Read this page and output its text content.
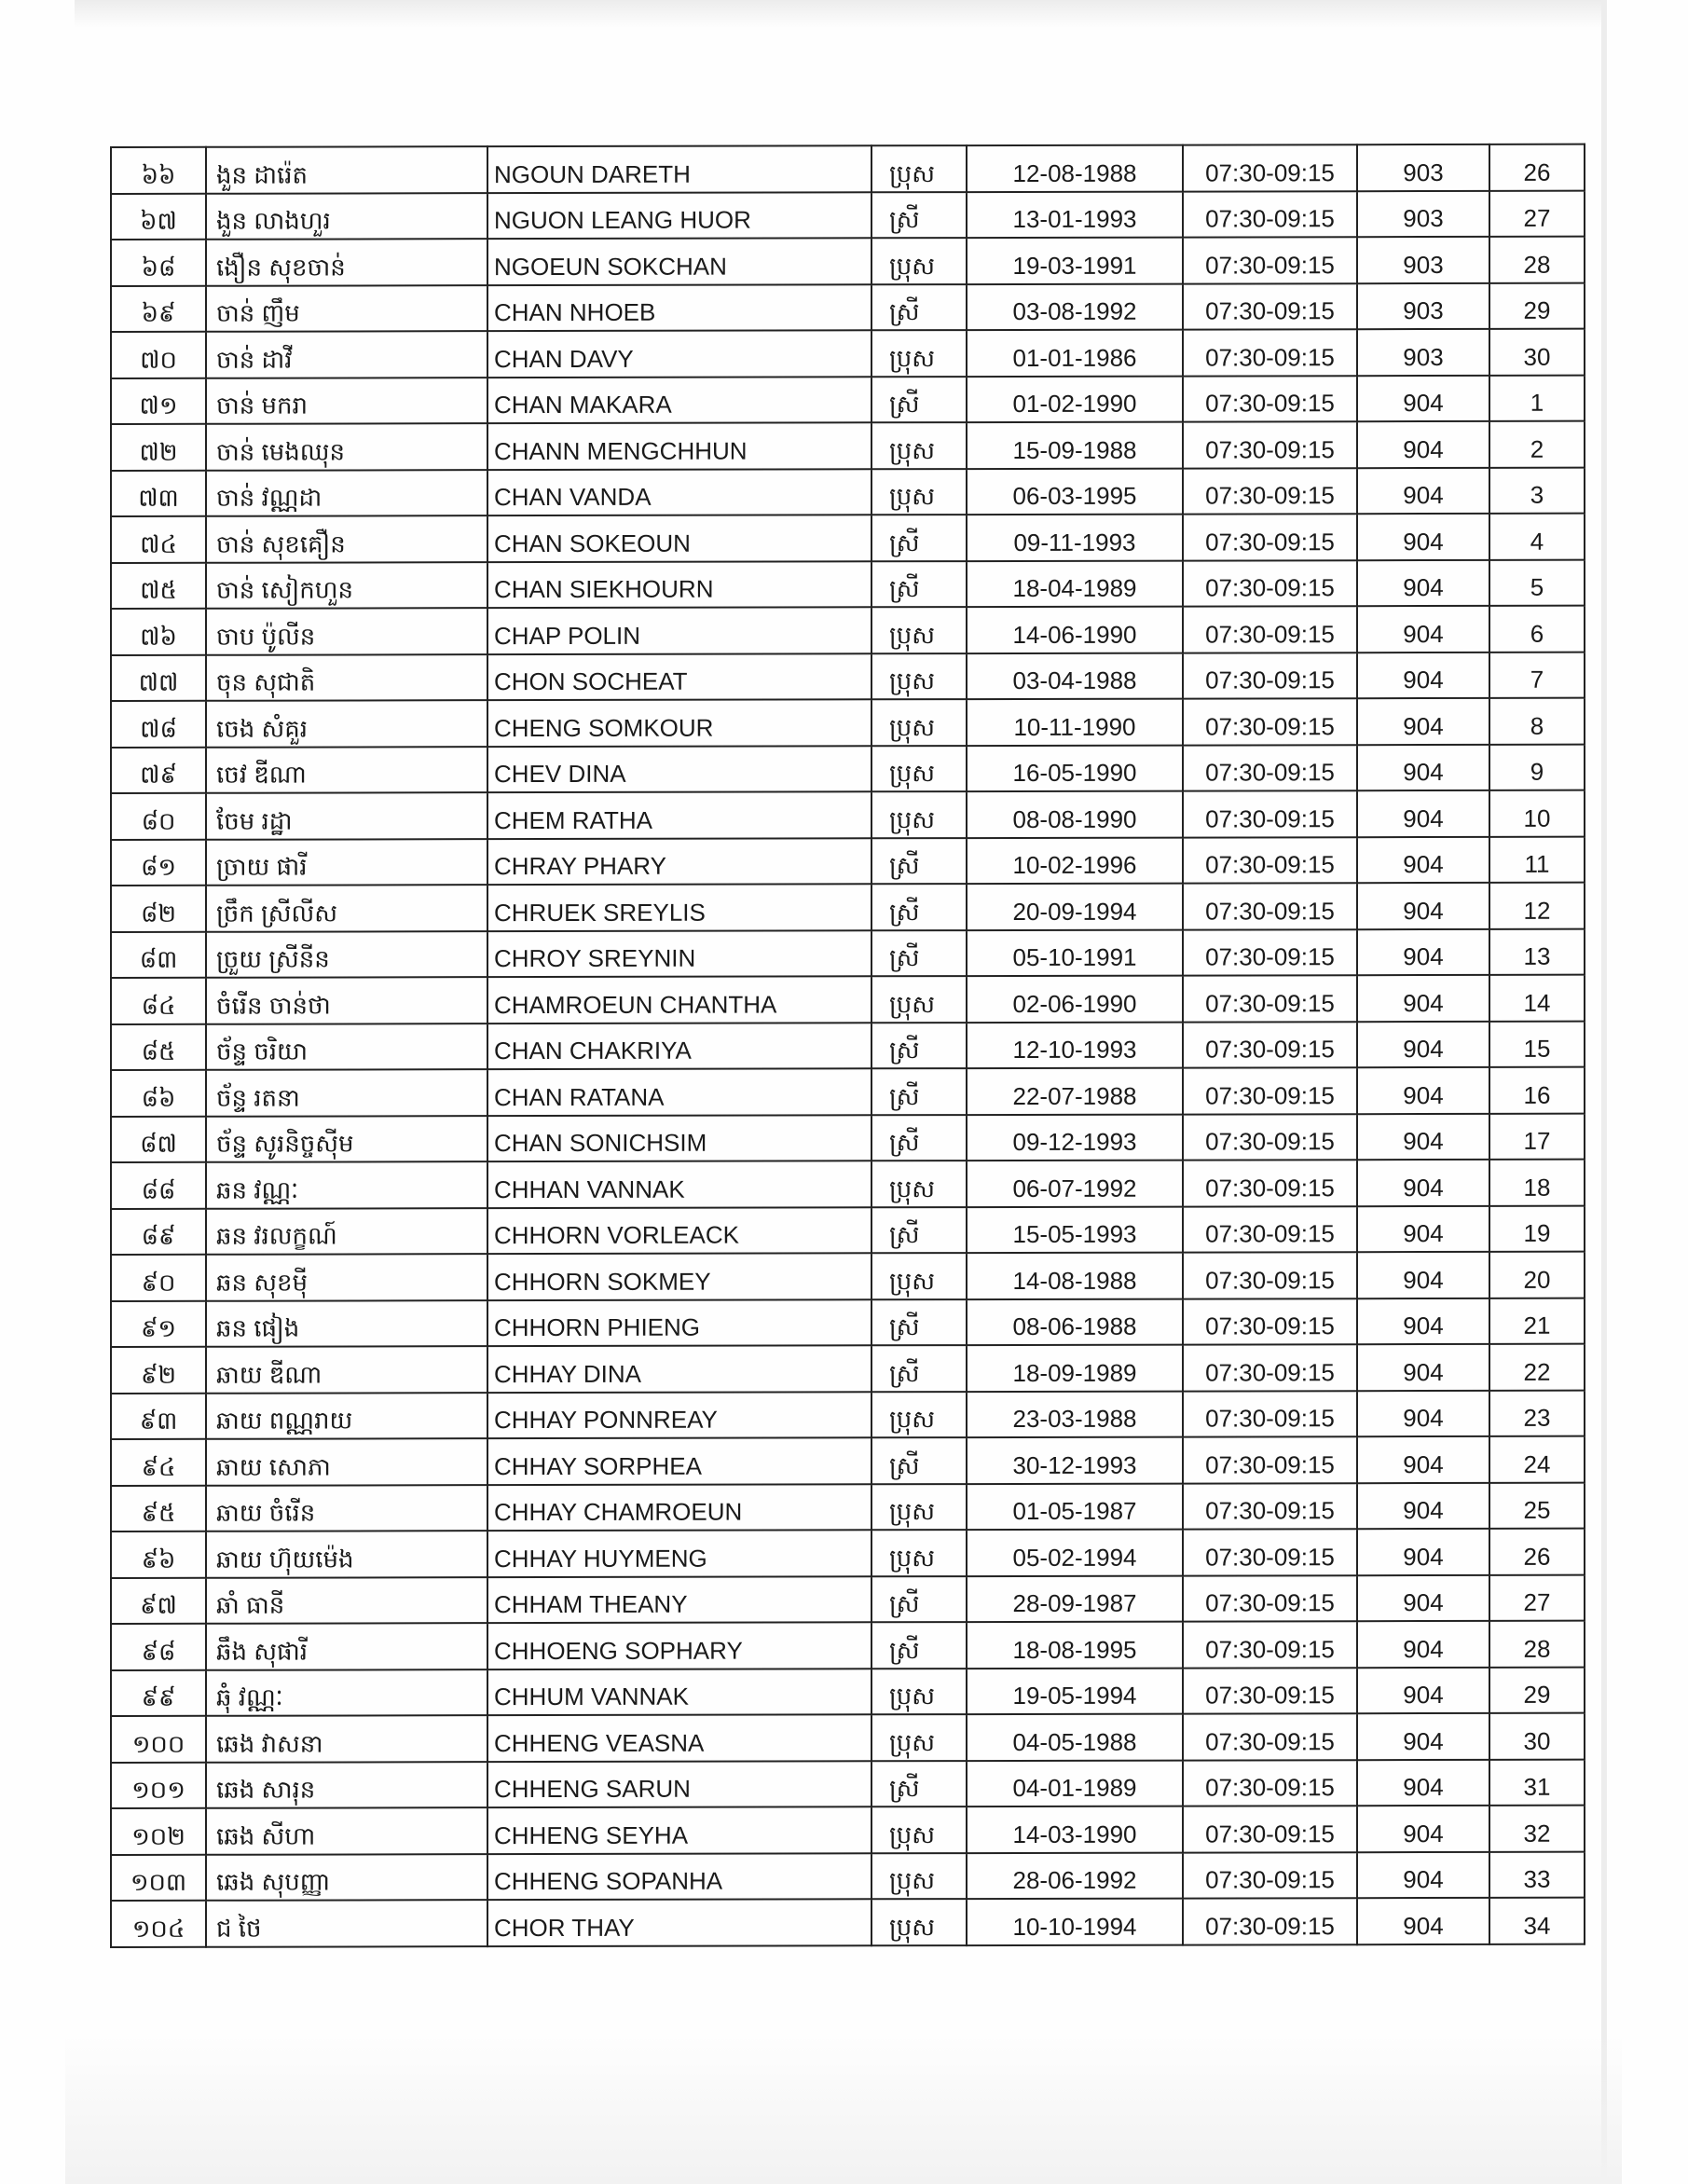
៦៦	ងួន ដារ៉េត	NGOUN DARETH	ប្រុស	12-08-1988	07:30-09:15	903	26

៦៧	ងួន លាងហួរ	NGUON LEANG HUOR	ស្រី	13-01-1993	07:30-09:15	903	27

៦៨	ងឿន សុខចាន់	NGOEUN SOKCHAN	ប្រុស	19-03-1991	07:30-09:15	903	28

៦៩	ចាន់ ញឹម	CHAN NHOEB	ស្រី	03-08-1992	07:30-09:15	903	29

៧០	ចាន់ ដាវី	CHAN DAVY	ប្រុស	01-01-1986	07:30-09:15	903	30

៧១	ចាន់ មករា	CHAN MAKARA	ស្រី	01-02-1990	07:30-09:15	904	1

៧២	ចាន់ មេងឈុន	CHANN MENGCHHUN	ប្រុស	15-09-1988	07:30-09:15	904	2

៧៣	ចាន់ វណ្ណដា	CHAN VANDA	ប្រុស	06-03-1995	07:30-09:15	904	3

៧៤	ចាន់ សុខគឿន	CHAN SOKEOUN	ស្រី	09-11-1993	07:30-09:15	904	4

៧៥	ចាន់ សៀកហួន	CHAN SIEKHOURN	ស្រី	18-04-1989	07:30-09:15	904	5

៧៦	ចាប ប៉ូលីន	CHAP POLIN	ប្រុស	14-06-1990	07:30-09:15	904	6

៧៧	ចុន សុជាតិ	CHON SOCHEAT	ប្រុស	03-04-1988	07:30-09:15	904	7

៧៨	ចេង សំគួរ	CHENG SOMKOUR	ប្រុស	10-11-1990	07:30-09:15	904	8

៧៩	ចេវ ឌីណា	CHEV DINA	ប្រុស	16-05-1990	07:30-09:15	904	9

៨០	ចែម រដ្ឋា	CHEM RATHA	ប្រុស	08-08-1990	07:30-09:15	904	10

៨១	ច្រាយ ផារី	CHRAY PHARY	ស្រី	10-02-1996	07:30-09:15	904	11

៨២	ច្រឹក ស្រីលីស	CHRUEK SREYLIS	ស្រី	20-09-1994	07:30-09:15	904	12

៨៣	ច្រួយ ស្រីនីន	CHROY SREYNIN	ស្រី	05-10-1991	07:30-09:15	904	13

៨៤	ចំរើន ចាន់ថា	CHAMROEUN CHANTHA	ប្រុស	02-06-1990	07:30-09:15	904	14

៨៥	ច័ន្ទ ចរិយា	CHAN CHAKRIYA	ស្រី	12-10-1993	07:30-09:15	904	15

៨៦	ច័ន្ទ រតនា	CHAN RATANA	ស្រី	22-07-1988	07:30-09:15	904	16

៨៧	ច័ន្ទ សូរនិច្ចស៊ីម	CHAN SONICHSIM	ស្រី	09-12-1993	07:30-09:15	904	17

៨៨	ឆន វណ្ណៈ	CHHAN VANNAK	ប្រុស	06-07-1992	07:30-09:15	904	18

៨៩	ឆន វរលក្ខណ៍	CHHORN VORLEACK	ស្រី	15-05-1993	07:30-09:15	904	19

៩០	ឆន សុខមុី	CHHORN SOKMEY	ប្រុស	14-08-1988	07:30-09:15	904	20

៩១	ឆន ផៀង	CHHORN PHIENG	ស្រី	08-06-1988	07:30-09:15	904	21

៩២	ឆាយ ឌីណា	CHHAY DINA	ស្រី	18-09-1989	07:30-09:15	904	22

៩៣	ឆាយ ពណ្ណរាយ	CHHAY PONNREAY	ប្រុស	23-03-1988	07:30-09:15	904	23

៩៤	ឆាយ សោភា	CHHAY SORPHEA	ស្រី	30-12-1993	07:30-09:15	904	24

៩៥	ឆាយ ចំរើន	CHHAY CHAMROEUN	ប្រុស	01-05-1987	07:30-09:15	904	25

៩៦	ឆាយ ហ៊ុយម៉េង	CHHAY HUYMENG	ប្រុស	05-02-1994	07:30-09:15	904	26

៩៧	ឆាំ ធានី	CHHAM THEANY	ស្រី	28-09-1987	07:30-09:15	904	27

៩៨	ឆឹង សុផារី	CHHOENG SOPHARY	ស្រី	18-08-1995	07:30-09:15	904	28

៩៩	ឆុំ វណ្ណៈ	CHHUM VANNAK	ប្រុស	19-05-1994	07:30-09:15	904	29

១០០	ឆេង វាសនា	CHHENG VEASNA	ប្រុស	04-05-1988	07:30-09:15	904	30

១០១	ឆេង សារុន	CHHENG SARUN	ស្រី	04-01-1989	07:30-09:15	904	31

១០២	ឆេង សីហា	CHHENG SEYHA	ប្រុស	14-03-1990	07:30-09:15	904	32

១០៣	ឆេង សុបញ្ញា	CHHENG SOPANHA	ប្រុស	28-06-1992	07:30-09:15	904	33

១០៤	ជ ថៃ	CHOR THAY	ប្រុស	10-10-1994	07:30-09:15	904	34
